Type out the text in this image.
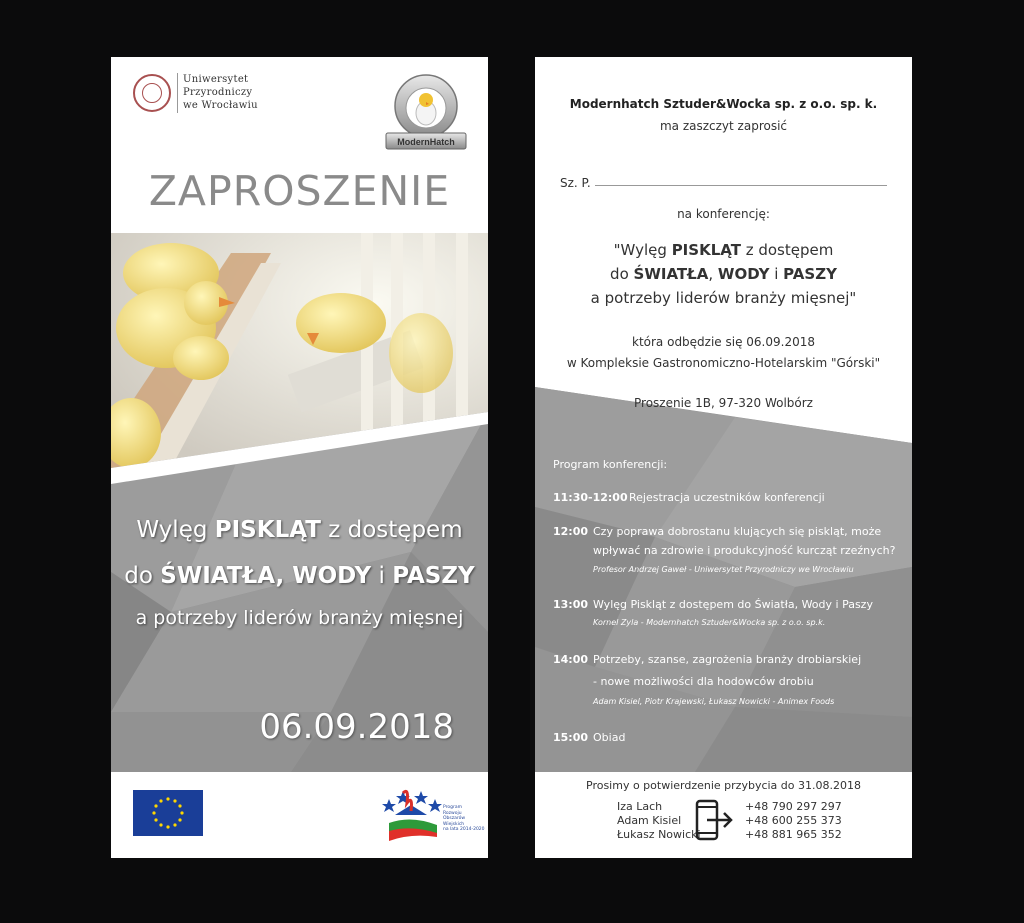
Uniwersytet
Przyrodniczy
we Wrocławiu
ModernHatch
ZAPROSZENIE
Wylęg PISKLĄT z dostępem
do ŚWIATŁA, WODY i PASZY
a potrzeby liderów branży mięsnej
06.09.2018
Program
Rozwoju
Obszarów
Wiejskich
na lata 2014-2020
Modernhatch Sztuder&Wocka sp. z o.o. sp. k.
ma zaszczyt zaprosić
Sz. P.
na konferencję:
"Wylęg PISKLĄT z dostępem
do ŚWIATŁA, WODY i PASZY
a potrzeby liderów branży mięsnej"
która odbędzie się 06.09.2018
w Kompleksie Gastronomiczno-Hotelarskim "Górski"
Proszenie 1B, 97-320 Wolbórz
Program konferencji:
11:30-12:00Rejestracja uczestników konferencji
12:00 Czy poprawa dobrostanu klujących się piskląt, może
wpływać na zdrowie i produkcyjność kurcząt rzeźnych?
Profesor Andrzej Gaweł - Uniwersytet Przyrodniczy we Wrocławiu
13:00 Wylęg Piskląt z dostępem do Światła, Wody i Paszy
Kornel Zyla - Modernhatch Sztuder&Wocka sp. z o.o. sp.k.
14:00 Potrzeby, szanse, zagrożenia branży drobiarskiej
- nowe możliwości dla hodowców drobiu
Adam Kisiel, Piotr Krajewski, Łukasz Nowicki - Animex Foods
15:00 Obiad
Prosimy o potwierdzenie przybycia do 31.08.2018
Iza Lach
Adam Kisiel
Łukasz Nowicki
+48 790 297 297
+48 600 255 373
+48 881 965 352
